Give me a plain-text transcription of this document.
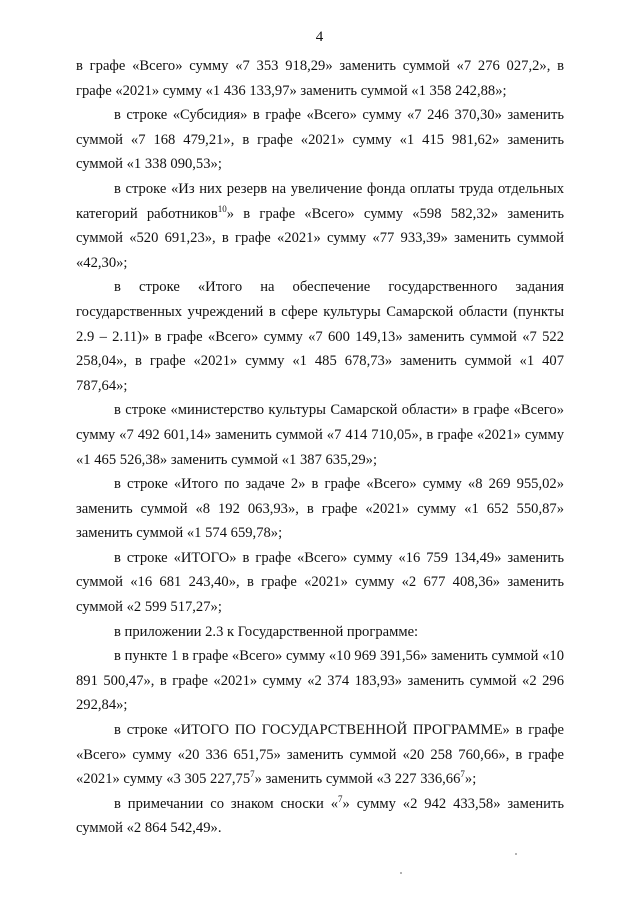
4

в графе «Всего» сумму «7 353 918,29» заменить суммой «7 276 027,2», в графе «2021» сумму «1 436 133,97» заменить суммой «1 358 242,88»;

в строке «Субсидия» в графе «Всего» сумму «7 246 370,30» заменить суммой «7 168 479,21», в графе «2021» сумму «1 415 981,62» заменить суммой «1 338 090,53»;

в строке «Из них резерв на увеличение фонда оплаты труда отдельных категорий работников$^{10}$» в графе «Всего» сумму «598 582,32» заменить суммой «520 691,23», в графе «2021» сумму «77 933,39» заменить суммой «42,30»;

в строке «Итого на обеспечение государственного задания государственных учреждений в сфере культуры Самарской области (пункты 2.9 – 2.11)» в графе «Всего» сумму «7 600 149,13» заменить суммой «7 522 258,04», в графе «2021» сумму «1 485 678,73» заменить суммой «1 407 787,64»;

в строке «министерство культуры Самарской области» в графе «Всего» сумму «7 492 601,14» заменить суммой «7 414 710,05», в графе «2021» сумму «1 465 526,38» заменить суммой «1 387 635,29»;

в строке «Итого по задаче 2» в графе «Всего» сумму «8 269 955,02» заменить суммой «8 192 063,93», в графе «2021» сумму «1 652 550,87» заменить суммой «1 574 659,78»;

в строке «ИТОГО» в графе «Всего» сумму «16 759 134,49» заменить суммой «16 681 243,40», в графе «2021» сумму «2 677 408,36» заменить суммой «2 599 517,27»;

в приложении 2.3 к Государственной программе:

в пункте 1 в графе «Всего» сумму «10 969 391,56» заменить суммой «10 891 500,47», в графе «2021» сумму «2 374 183,93» заменить суммой «2 296 292,84»;

в строке «ИТОГО ПО ГОСУДАРСТВЕННОЙ ПРОГРАММЕ» в графе «Всего» сумму «20 336 651,75» заменить суммой «20 258 760,66», в графе «2021» сумму «3 305 227,75$^7$» заменить суммой «3 227 336,66$^7$»;

в примечании со знаком сноски «$^7$» сумму «2 942 433,58» заменить суммой «2 864 542,49».
